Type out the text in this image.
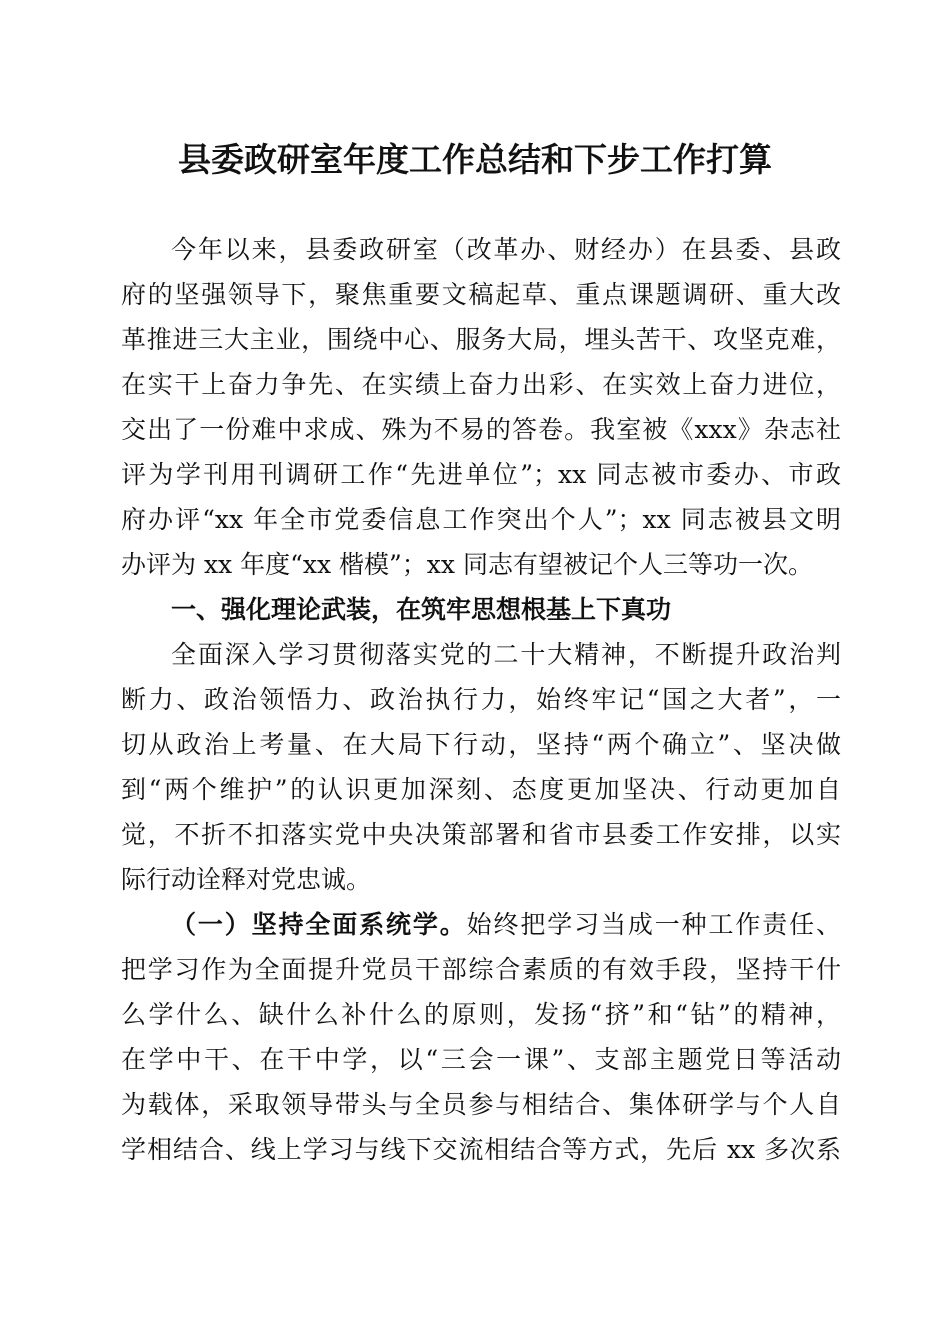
县委政研室年度工作总结和下步工作打算
今年以来，县委政研室（改革办、财经办）在县委、县政
府的坚强领导下，聚焦重要文稿起草、重点课题调研、重大改
革推进三大主业，围绕中心、服务大局，埋头苦干、攻坚克难，
在实干上奋力争先、在实绩上奋力出彩、在实效上奋力进位，
交出了一份难中求成、殊为不易的答卷。我室被《xxx》杂志社
评为学刊用刊调研工作“先进单位”；xx 同志被市委办、市政
府办评“xx 年全市党委信息工作突出个人”；xx 同志被县文明
办评为 xx 年度“xx 楷模”；xx 同志有望被记个人三等功一次。
一、强化理论武装，在筑牢思想根基上下真功
全面深入学习贯彻落实党的二十大精神，不断提升政治判
断力、政治领悟力、政治执行力，始终牢记“国之大者”，一
切从政治上考量、在大局下行动，坚持“两个确立”、坚决做
到“两个维护”的认识更加深刻、态度更加坚决、行动更加自
觉，不折不扣落实党中央决策部署和省市县委工作安排，以实
际行动诠释对党忠诚。
（一）坚持全面系统学。始终把学习当成一种工作责任、
把学习作为全面提升党员干部综合素质的有效手段，坚持干什
么学什么、缺什么补什么的原则，发扬“挤”和“钻”的精神，
在学中干、在干中学，以“三会一课”、支部主题党日等活动
为载体，采取领导带头与全员参与相结合、集体研学与个人自
学相结合、线上学习与线下交流相结合等方式，先后 xx 多次系
